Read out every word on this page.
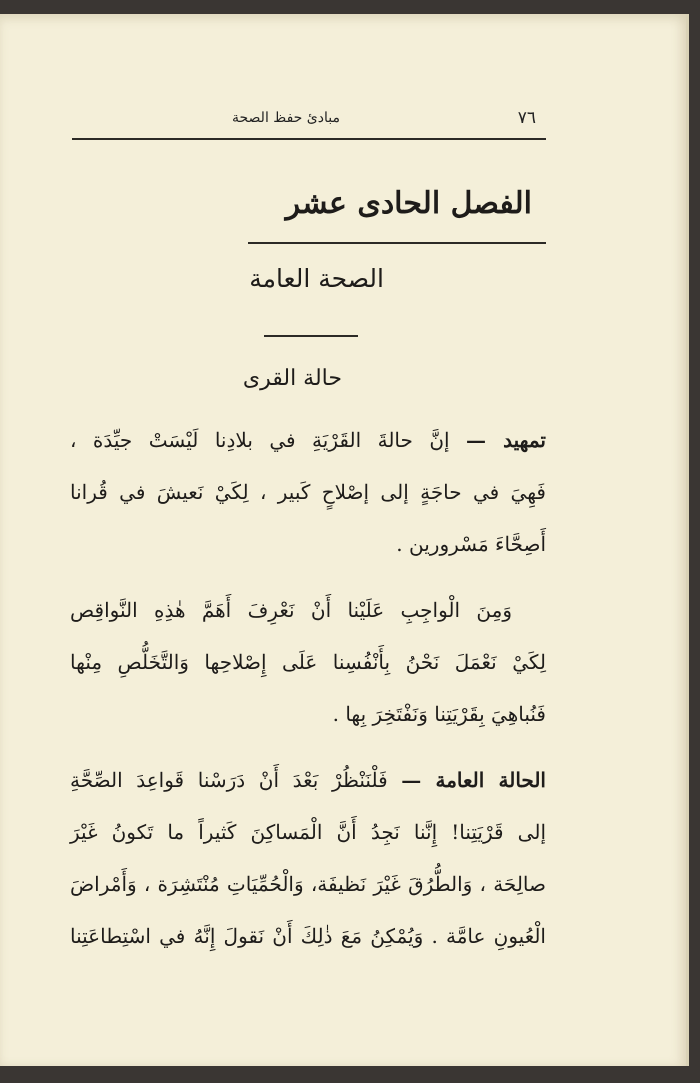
٧٦
مبادئ حفظ الصحة
الفصل الحادى عشر
الصحة العامة
حالة القرى
تمهيد — إنَّ حالةَ القَرْيَةِ في بلادِنا لَيْسَتْ جيِّدَة ،
فَهِيَ في حاجَةٍ إلى إصْلاحٍ كَبير ، لِكَيْ نَعيشَ في قُرانا
أَصِحَّاءَ مَسْرورين .
وَمِنَ الْواجِبِ عَلَيْنا أَنْ نَعْرِفَ أَهَمَّ هٰذِهِ النَّواقِص
لِكَيْ نَعْمَلَ نَحْنُ بِأَنْفُسِنا عَلَى إِصْلاحِها وَالتَّخَلُّصِ مِنْها
فَنُباهِيَ بِقَرْيَتِنا وَنَفْتَخِرَ بِها .
الحالة العامة — فَلْنَنْظُرْ بَعْدَ أَنْ دَرَسْنا قَواعِدَ الصِّحَّةِ
إلى قَرْيَتِنا! إِنَّنا نَجِدُ أَنَّ الْمَساكِنَ كَثيراً ما تَكونُ غَيْرَ
صالِحَة ، وَالطُّرُقَ غَيْرَ نَظيفَة، وَالْحُمِّيَاتِ مُنْتَشِرَة ، وَأَمْراضَ
الْعُيونِ عامَّة . وَيُمْكِنُ مَعَ ذٰلِكَ أَنْ نَقولَ إِنَّهُ في اسْتِطاعَتِنا
